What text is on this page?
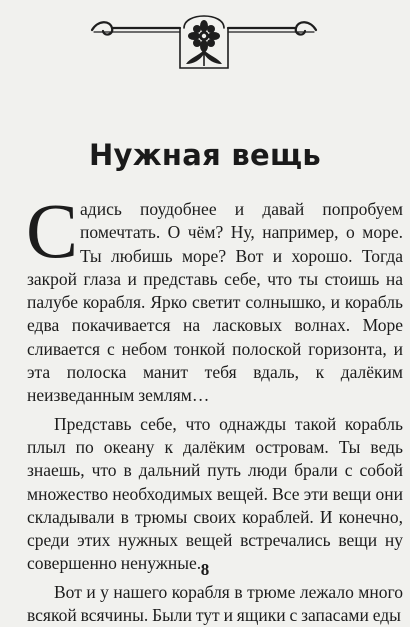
Нужная вещь

Садись поудобнее и давай попробуем помечтать. О чём? Ну, например, о море. Ты любишь море? Вот и хорошо. Тогда закрой глаза и представь себе, что ты стоишь на палубе корабля. Ярко светит солнышко, и корабль едва покачивается на ласковых волнах. Море сливается с небом тонкой полоской горизонта, и эта полоска манит тебя вдаль, к далёким неизведанным землям…

Представь себе, что однажды такой корабль плыл по океану к далёким островам. Ты ведь знаешь, что в дальний путь люди брали с собой множество необходимых вещей. Все эти вещи они складывали в трюмы своих кораблей. И конечно, среди этих нужных вещей встречались вещи ну совершенно ненужные.

Вот и у нашего корабля в трюме лежало много всякой всячины. Были тут и ящики с запасами еды

8
